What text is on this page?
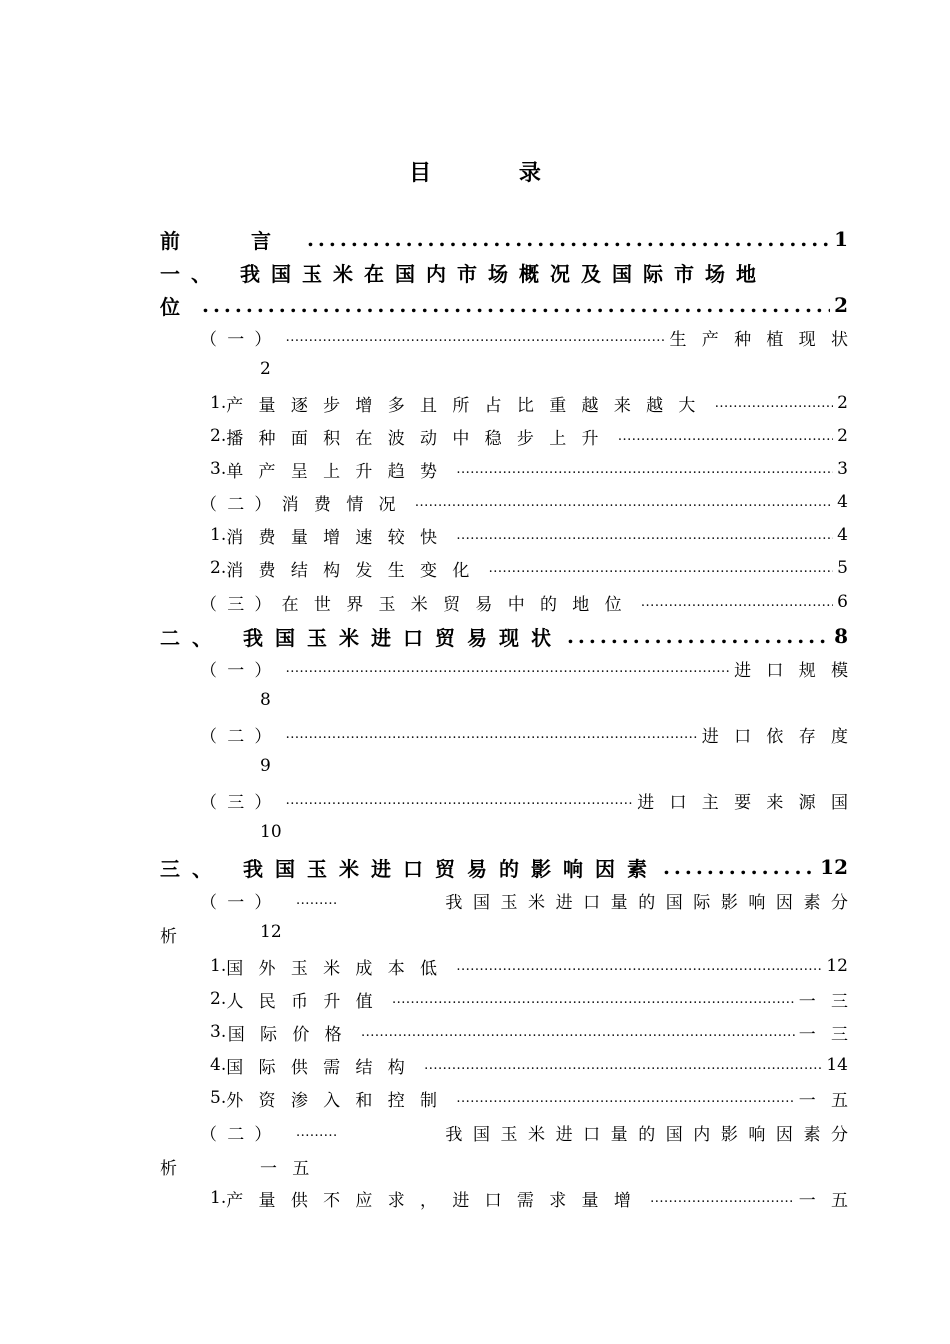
目 录
前 言 .....	1
一、 我国玉米在国内市场概况及国际市场地
位 .....	2
（一） .....	生产种植现状
2
1. 产量逐步增多且所占比重越来越大 .....	2
2. 播种面积在波动中稳步上升 .....	2
3. 单产呈上升趋势 .....	3
（二） 消费情况 .....	4
1. 消费量增速较快 .....	4
2. 消费结构发生变化 .....	5
（三） 在世界玉米贸易中的地位 .....	6
二、 我国玉米进口贸易现状 .....	8
（一） .....	进口规模
8
（二） .....	进口依存度
9
（三） .....	进口主要来源国
10
三、 我国玉米进口贸易的影响因素 .....	12
（一） .....	我国玉米进口量的国际影响因素分
析	12
1. 国外玉米成本低 .....	12
2. 人民币升值 .....	一三
3. 国际价格 .....	一三
4. 国际供需结构 .....	14
5. 外资渗入和控制 .....	一五
（二） .....	我国玉米进口量的国内影响因素分
析	一五
1. 产量供不应求，进口需求量增 .....	一五
